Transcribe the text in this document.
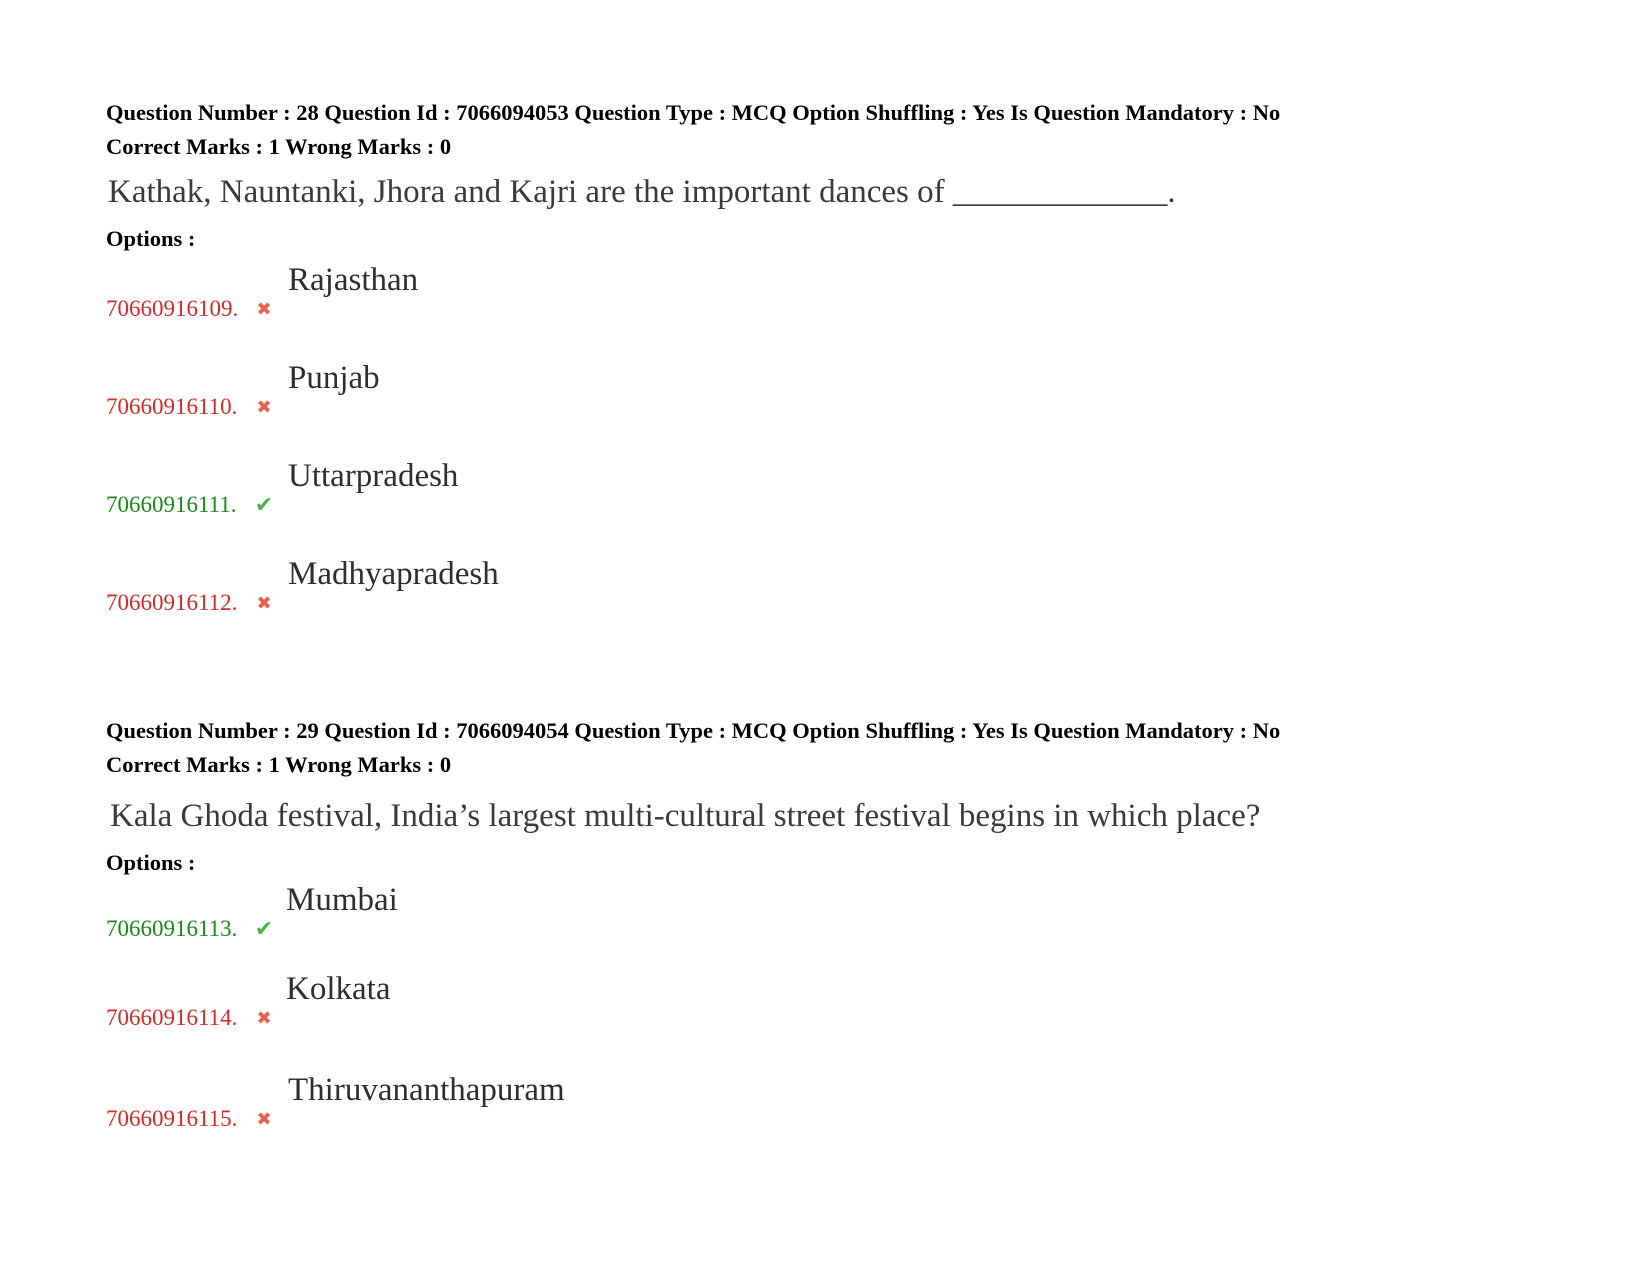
Question Number : 28 Question Id : 7066094053 Question Type : MCQ Option Shuffling : Yes Is Question Mandatory : No
Correct Marks : 1 Wrong Marks : 0
Kathak, Nauntanki, Jhora and Kajri are the important dances of _____________.
Options :
70660916109. ✖
Rajasthan
70660916110. ✖
Punjab
70660916111. ✔
Uttarpradesh
70660916112. ✖
Madhyapradesh
Question Number : 29 Question Id : 7066094054 Question Type : MCQ Option Shuffling : Yes Is Question Mandatory : No
Correct Marks : 1 Wrong Marks : 0
Kala Ghoda festival, India’s largest multi-cultural street festival begins in which place?
Options :
70660916113. ✔
Mumbai
70660916114. ✖
Kolkata
70660916115. ✖
Thiruvananthapuram
